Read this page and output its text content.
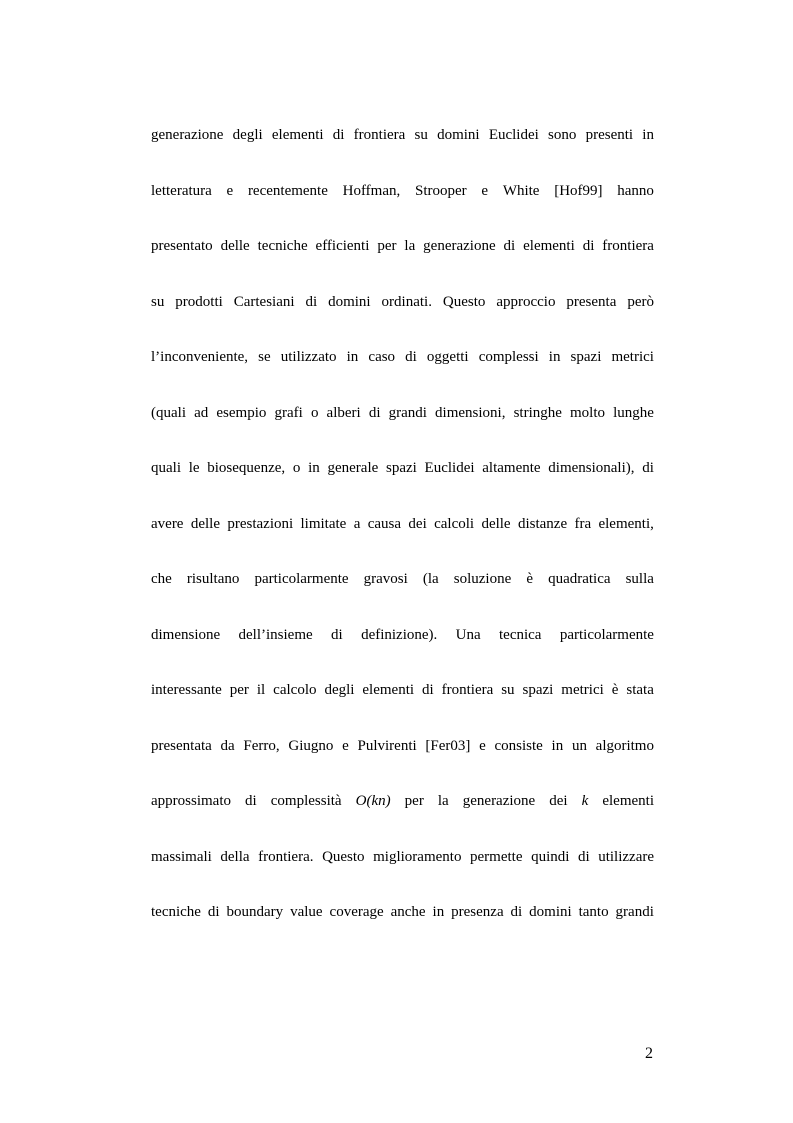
generazione degli elementi di frontiera su domini Euclidei sono presenti in
letteratura e recentemente Hoffman, Strooper e White [Hof99] hanno
presentato delle tecniche efficienti per la generazione di elementi di frontiera
su prodotti Cartesiani di domini ordinati. Questo approccio presenta però
l’inconveniente, se utilizzato in caso di oggetti complessi in spazi metrici
(quali ad esempio grafi o alberi di grandi dimensioni, stringhe molto lunghe
quali le biosequenze, o in generale spazi Euclidei altamente dimensionali), di
avere delle prestazioni limitate a causa dei calcoli delle distanze fra elementi,
che risultano particolarmente gravosi (la soluzione è quadratica sulla
dimensione dell’insieme di definizione). Una tecnica particolarmente
interessante per il calcolo degli elementi di frontiera su spazi metrici è stata
presentata da Ferro, Giugno e Pulvirenti [Fer03] e consiste in un algoritmo
approssimato di complessità O(kn) per la generazione dei k elementi
massimali della frontiera. Questo miglioramento permette quindi di utilizzare
tecniche di boundary value coverage anche in presenza di domini tanto grandi
2
